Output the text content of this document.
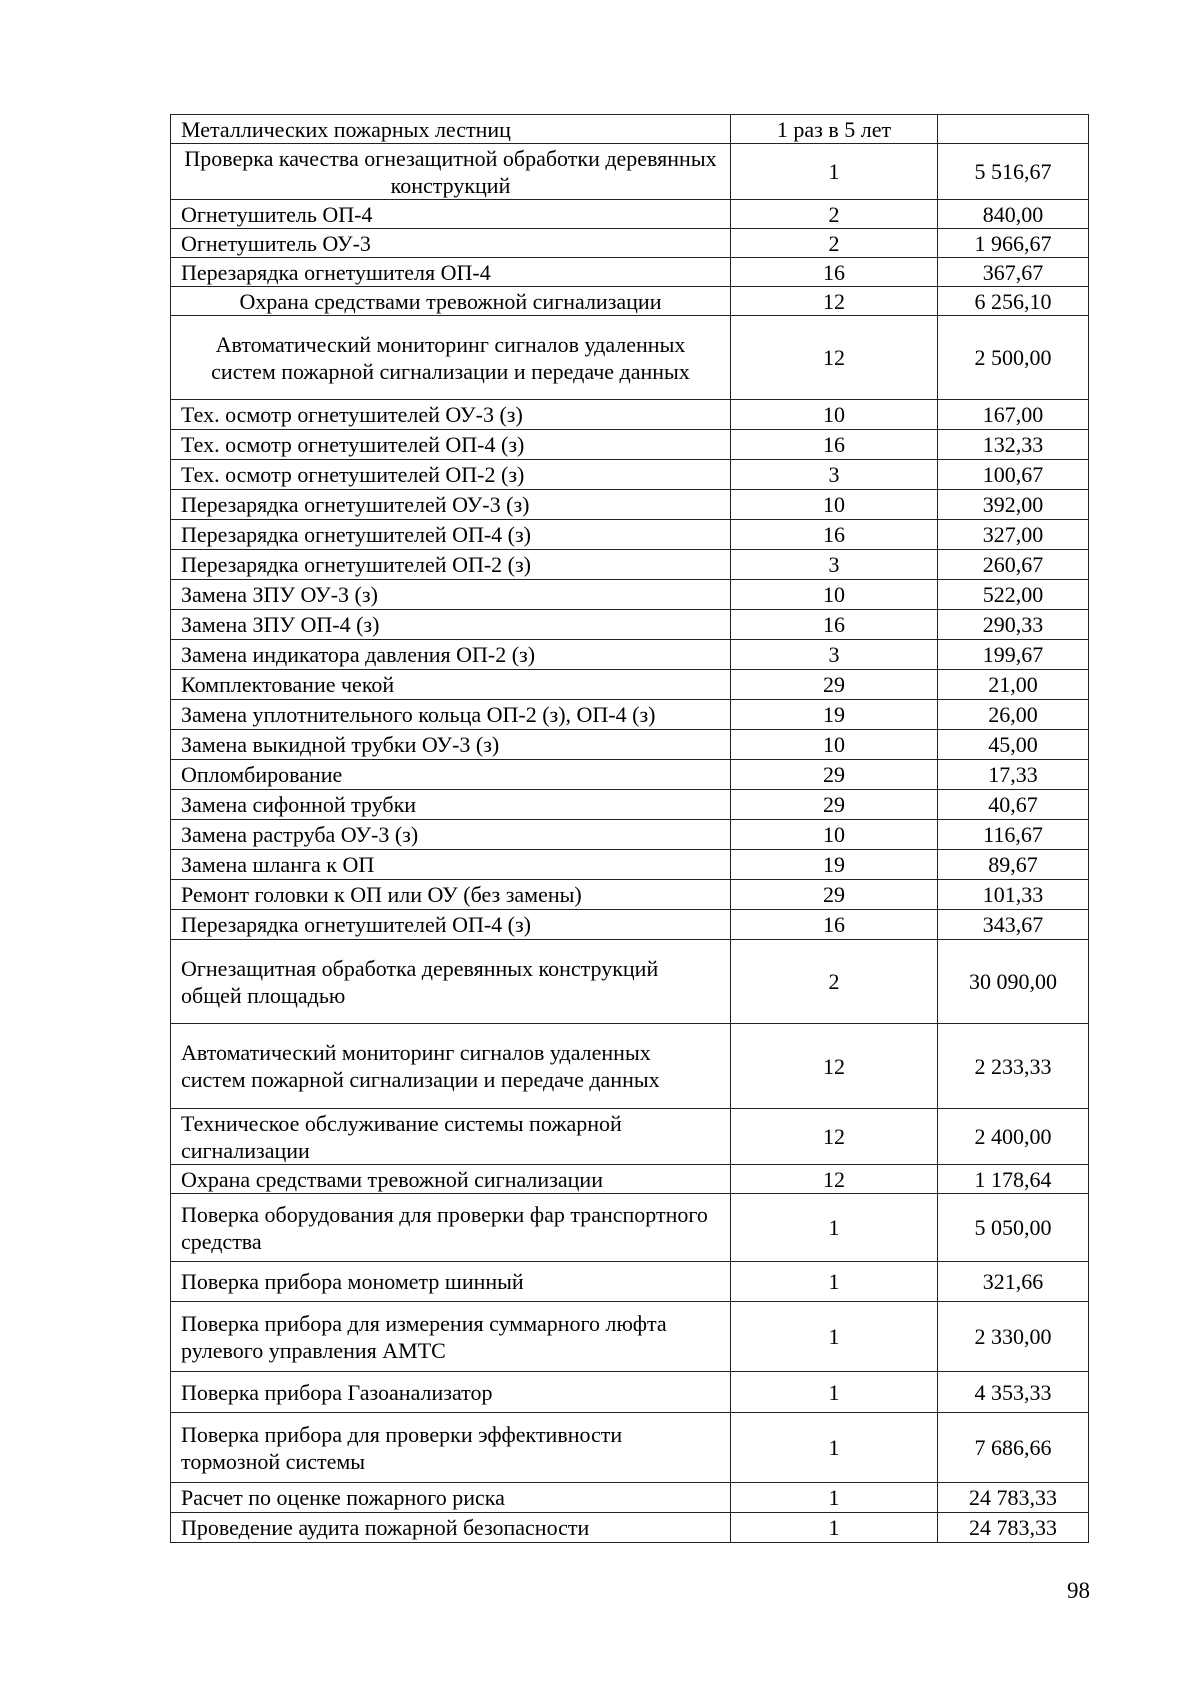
Металлических пожарных лестниц	1 раз в 5 лет	
Проверка качества огнезащитной обработки деревянных конструкций	1	5 516,67
Огнетушитель ОП-4	2	840,00
Огнетушитель ОУ-3	2	1 966,67
Перезарядка огнетушителя ОП-4	16	367,67
Охрана средствами тревожной сигнализации	12	6 256,10
Автоматический мониторинг сигналов удаленных систем пожарной сигнализации и передаче данных	12	2 500,00
Тех. осмотр огнетушителей ОУ-3 (з)	10	167,00
Тех. осмотр огнетушителей ОП-4 (з)	16	132,33
Тех. осмотр огнетушителей ОП-2 (з)	3	100,67
Перезарядка огнетушителей ОУ-3 (з)	10	392,00
Перезарядка огнетушителей ОП-4 (з)	16	327,00
Перезарядка огнетушителей ОП-2 (з)	3	260,67
Замена ЗПУ ОУ-3 (з)	10	522,00
Замена ЗПУ ОП-4 (з)	16	290,33
Замена индикатора давления ОП-2 (з)	3	199,67
Комплектование чекой	29	21,00
Замена уплотнительного кольца ОП-2 (з), ОП-4 (з)	19	26,00
Замена выкидной трубки ОУ-3 (з)	10	45,00
Опломбирование	29	17,33
Замена сифонной трубки	29	40,67
Замена раструба ОУ-3 (з)	10	116,67
Замена шланга к ОП	19	89,67
Ремонт головки к ОП или ОУ (без замены)	29	101,33
Перезарядка огнетушителей ОП-4 (з)	16	343,67
Огнезащитная обработка деревянных конструкций общей площадью	2	30 090,00
Автоматический мониторинг сигналов удаленных систем пожарной сигнализации и передаче данных	12	2 233,33
Техническое обслуживание системы пожарной сигнализации	12	2 400,00
Охрана средствами тревожной сигнализации	12	1 178,64
Поверка оборудования для проверки фар транспортного средства	1	5 050,00
Поверка прибора монометр шинный	1	321,66
Поверка прибора для измерения суммарного люфта рулевого управления АМТС	1	2 330,00
Поверка прибора Газоанализатор	1	4 353,33
Поверка прибора для проверки эффективности тормозной системы	1	7 686,66
Расчет по оценке пожарного риска	1	24 783,33
Проведение аудита пожарной безопасности	1	24 783,33
98
